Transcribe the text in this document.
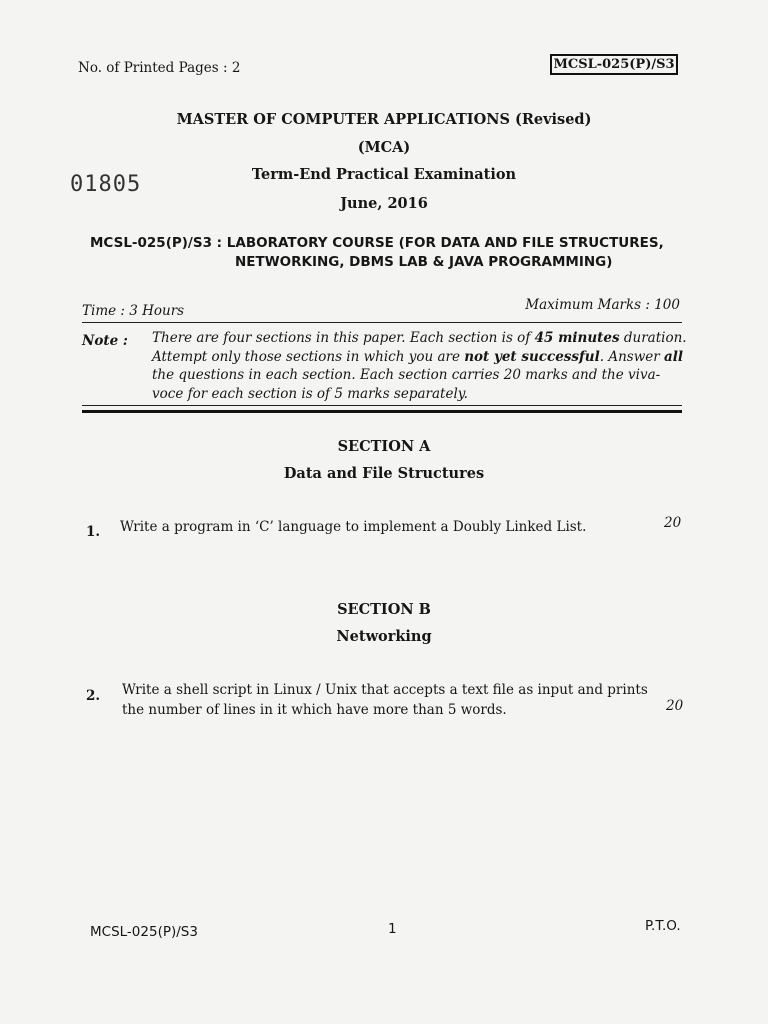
No. of Printed Pages : 2	MCSL-025(P)/S3
MASTER OF COMPUTER APPLICATIONS (Revised)
(MCA)
01805	Term-End Practical Examination
June, 2016
MCSL-025(P)/S3 : LABORATORY COURSE (FOR DATA AND FILE STRUCTURES,
NETWORKING, DBMS LAB & JAVA PROGRAMMING)
Time : 3 Hours	Maximum Marks : 100
Note : There are four sections in this paper. Each section is of 45 minutes duration. Attempt only those sections in which you are not yet successful. Answer all the questions in each section. Each section carries 20 marks and the viva-voce for each section is of 5 marks separately.
SECTION A
Data and File Structures
1. Write a program in ‘C’ language to implement a Doubly Linked List.	20
SECTION B
Networking
2. Write a shell script in Linux / Unix that accepts a text file as input and prints
the number of lines in it which have more than 5 words.	20
MCSL-025(P)/S3	1	P.T.O.
